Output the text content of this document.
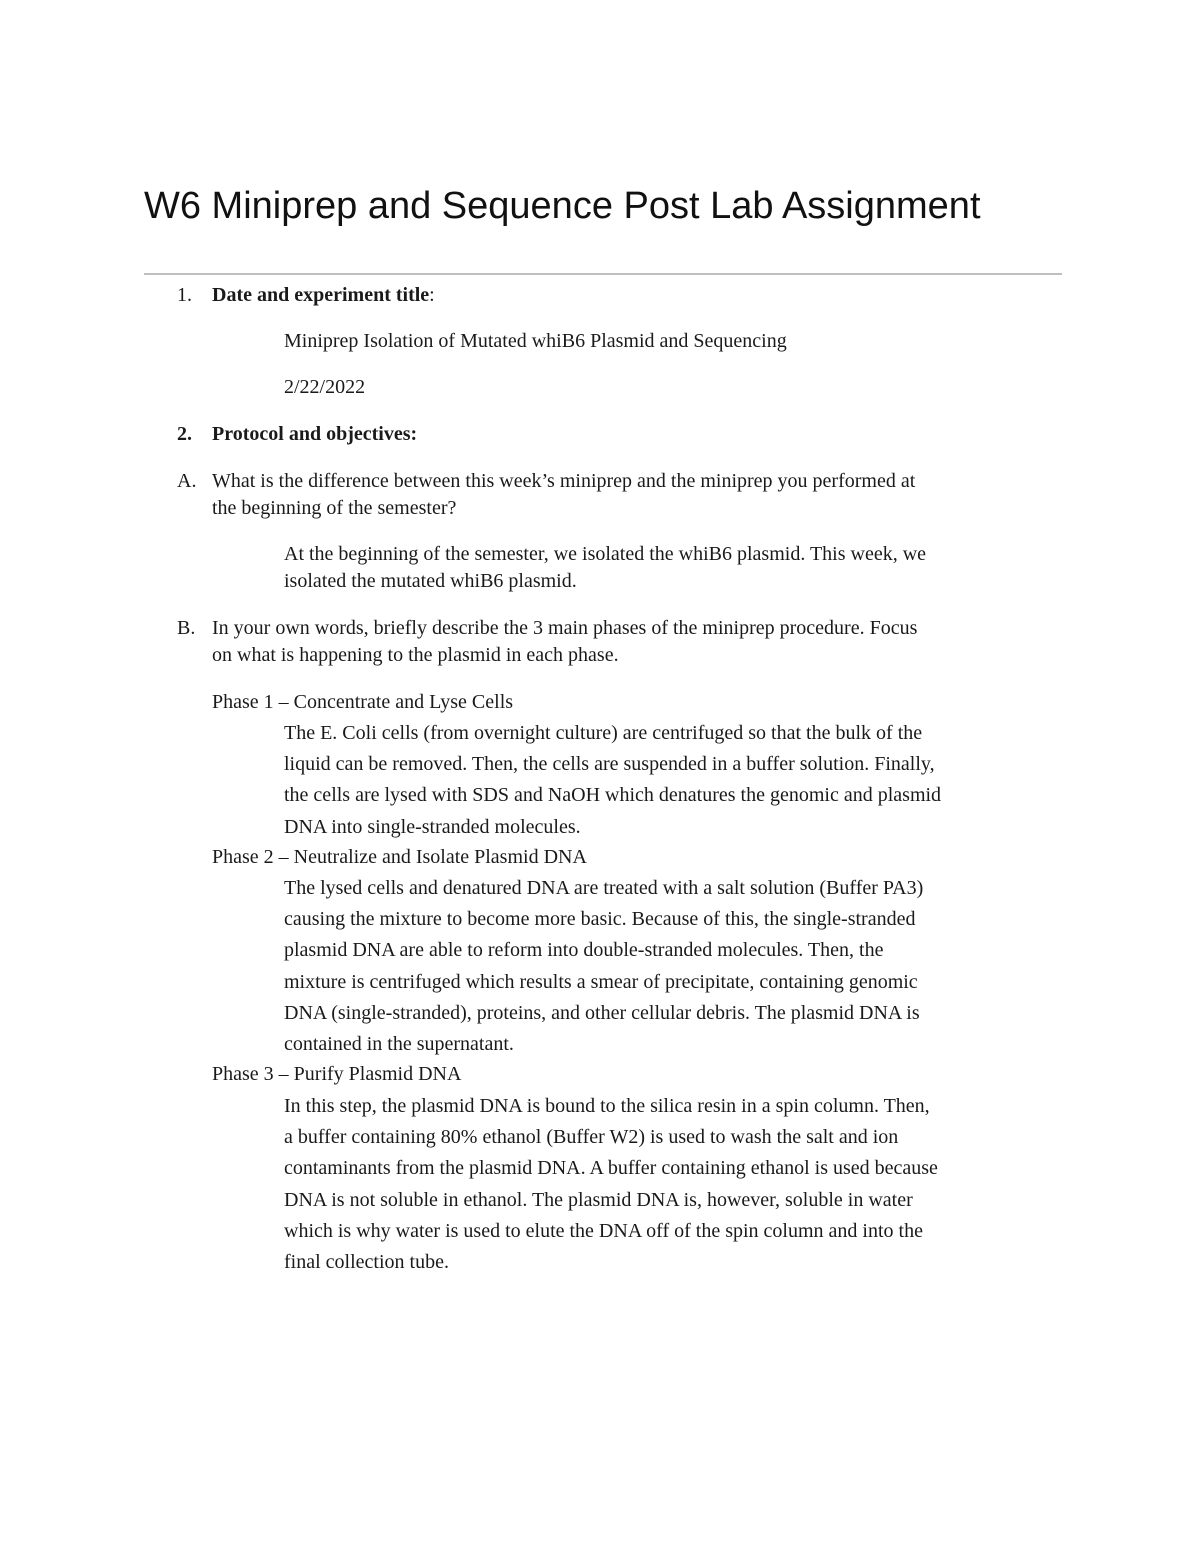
W6 Miniprep and Sequence Post Lab Assignment
1. Date and experiment title:
Miniprep Isolation of Mutated whiB6 Plasmid and Sequencing
2/22/2022
2. Protocol and objectives:
A. What is the difference between this week’s miniprep and the miniprep you performed at
the beginning of the semester?
At the beginning of the semester, we isolated the whiB6 plasmid. This week, we
isolated the mutated whiB6 plasmid.
B. In your own words, briefly describe the 3 main phases of the miniprep procedure. Focus
on what is happening to the plasmid in each phase.
Phase 1 – Concentrate and Lyse Cells
The E. Coli cells (from overnight culture) are centrifuged so that the bulk of the
liquid can be removed. Then, the cells are suspended in a buffer solution. Finally,
the cells are lysed with SDS and NaOH which denatures the genomic and plasmid
DNA into single-stranded molecules.
Phase 2 – Neutralize and Isolate Plasmid DNA
The lysed cells and denatured DNA are treated with a salt solution (Buffer PA3)
causing the mixture to become more basic. Because of this, the single-stranded
plasmid DNA are able to reform into double-stranded molecules. Then, the
mixture is centrifuged which results a smear of precipitate, containing genomic
DNA (single-stranded), proteins, and other cellular debris. The plasmid DNA is
contained in the supernatant.
Phase 3 – Purify Plasmid DNA
In this step, the plasmid DNA is bound to the silica resin in a spin column. Then,
a buffer containing 80% ethanol (Buffer W2) is used to wash the salt and ion
contaminants from the plasmid DNA. A buffer containing ethanol is used because
DNA is not soluble in ethanol. The plasmid DNA is, however, soluble in water
which is why water is used to elute the DNA off of the spin column and into the
final collection tube.
